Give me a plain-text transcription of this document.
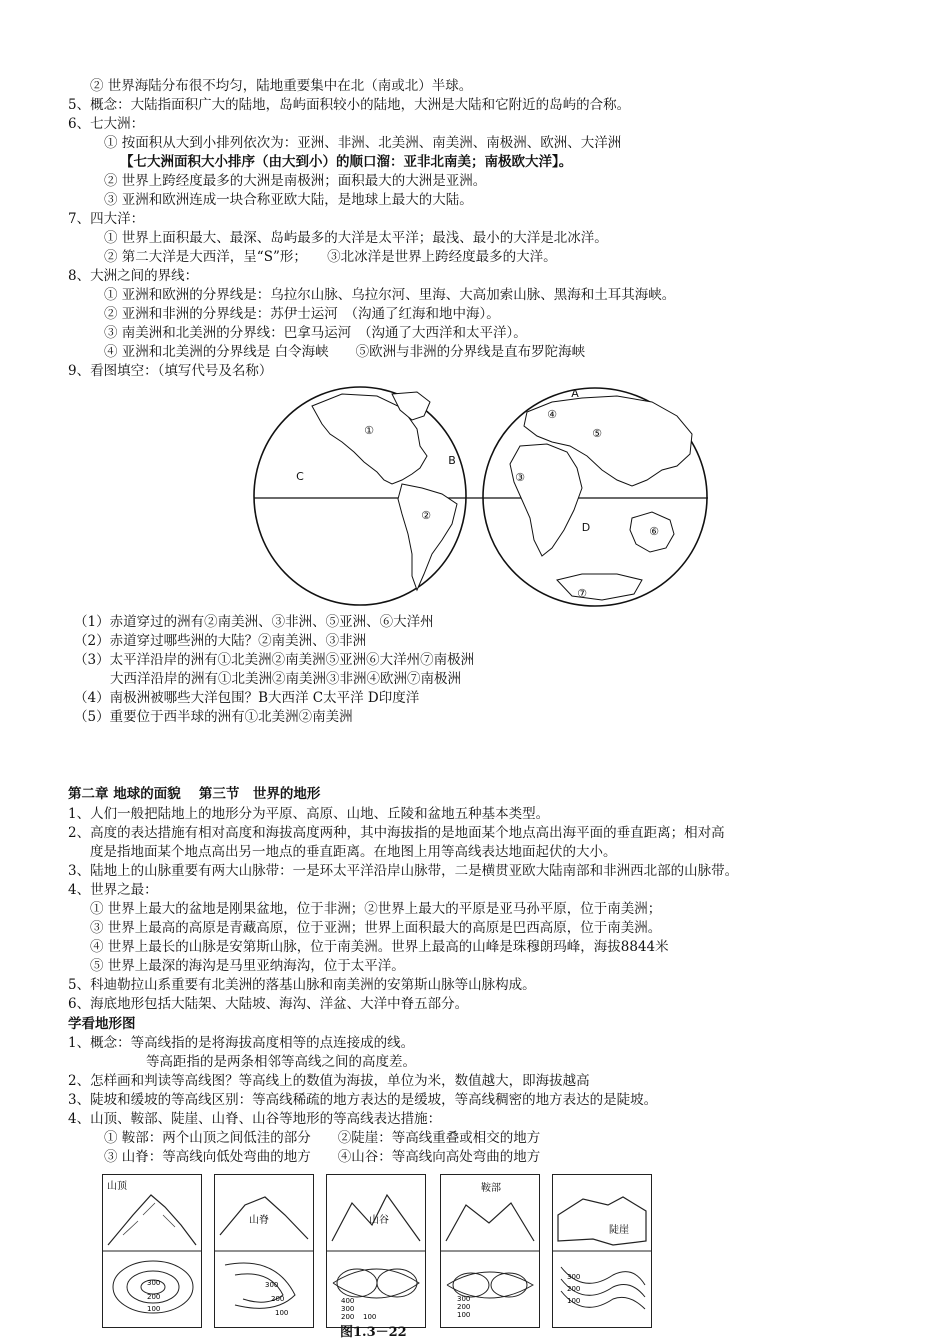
② 世界海陆分布很不均匀，陆地重要集中在北（南或北）半球。
5、概念：大陆指面积广大的陆地，岛屿面积较小的陆地，大洲是大陆和它附近的岛屿的合称。
6、七大洲：
① 按面积从大到小排列依次为：亚洲、非洲、北美洲、南美洲、南极洲、欧洲、大洋洲
【七大洲面积大小排序（由大到小）的顺口溜：亚非北南美；南极欧大洋】。
② 世界上跨经度最多的大洲是南极洲；面积最大的大洲是亚洲。
③ 亚洲和欧洲连成一块合称亚欧大陆，是地球上最大的大陆。
7、四大洋：
① 世界上面积最大、最深、岛屿最多的大洋是太平洋；最浅、最小的大洋是北冰洋。
② 第二大洋是大西洋，呈“S”形；　　③北冰洋是世界上跨经度最多的大洋。
8、大洲之间的界线：
① 亚洲和欧洲的分界线是：乌拉尔山脉、乌拉尔河、里海、大高加索山脉、黑海和土耳其海峡。
② 亚洲和非洲的分界线是：苏伊士运河　（沟通了红海和地中海）。
③ 南美洲和北美洲的分界线：巴拿马运河　（沟通了大西洋和太平洋）。
④ 亚洲和北美洲的分界线是 白令海峡　　⑤欧洲与非洲的分界线是直布罗陀海峡
9、看图填空：（填写代号及名称）
①
②
③
④
⑤
⑥
⑦
A
B
C
D
（1）赤道穿过的洲有②南美洲、③非洲、⑤亚洲、⑥大洋州
（2）赤道穿过哪些洲的大陆？②南美洲、③非洲
（3）太平洋沿岸的洲有①北美洲②南美洲⑤亚洲⑥大洋州⑦南极洲
大西洋沿岸的洲有①北美洲②南美洲③非洲④欧洲⑦南极洲
（4）南极洲被哪些大洋包围？B大西洋 C太平洋 D印度洋
（5）重要位于西半球的洲有①北美洲②南美洲
第二章 地球的面貌　 第三节　世界的地形
1、人们一般把陆地上的地形分为平原、高原、山地、丘陵和盆地五种基本类型。
2、高度的表达措施有相对高度和海拔高度两种，其中海拔指的是地面某个地点高出海平面的垂直距离；相对高
度是指地面某个地点高出另一地点的垂直距离。在地图上用等高线表达地面起伏的大小。
3、陆地上的山脉重要有两大山脉带：一是环太平洋沿岸山脉带，二是横贯亚欧大陆南部和非洲西北部的山脉带。
4、世界之最：
① 世界上最大的盆地是刚果盆地，位于非洲；②世界上最大的平原是亚马孙平原，位于南美洲；
③ 世界上最高的高原是青藏高原，位于亚洲；世界上面积最大的高原是巴西高原，位于南美洲。
④ 世界上最长的山脉是安第斯山脉，位于南美洲。世界上最高的山峰是珠穆朗玛峰，海拔8844米
⑤ 世界上最深的海沟是马里亚纳海沟，位于太平洋。
5、科迪勒拉山系重要有北美洲的落基山脉和南美洲的安第斯山脉等山脉构成。
6、海底地形包括大陆架、大陆坡、海沟、洋盆、大洋中脊五部分。
学看地形图
1、概念：等高线指的是将海拔高度相等的点连接成的线。
等高距指的是两条相邻等高线之间的高度差。
2、怎样画和判读等高线图？等高线上的数值为海拔，单位为米，数值越大，即海拔越高
3、陡坡和缓坡的等高线区别：等高线稀疏的地方表达的是缓坡，等高线稠密的地方表达的是陡坡。
4、山顶、鞍部、陡崖、山脊、山谷等地形的等高线表达措施：
① 鞍部：两个山顶之间低洼的部分　　②陡崖：等高线重叠或相交的地方
③ 山脊：等高线向低处弯曲的地方　　④山谷：等高线向高处弯曲的地方
山顶
300
200
100
山脊
300
200
100
山谷
400
300
200 100
鞍部
300
200
100
陡崖
300
200
100
图1.3－22
